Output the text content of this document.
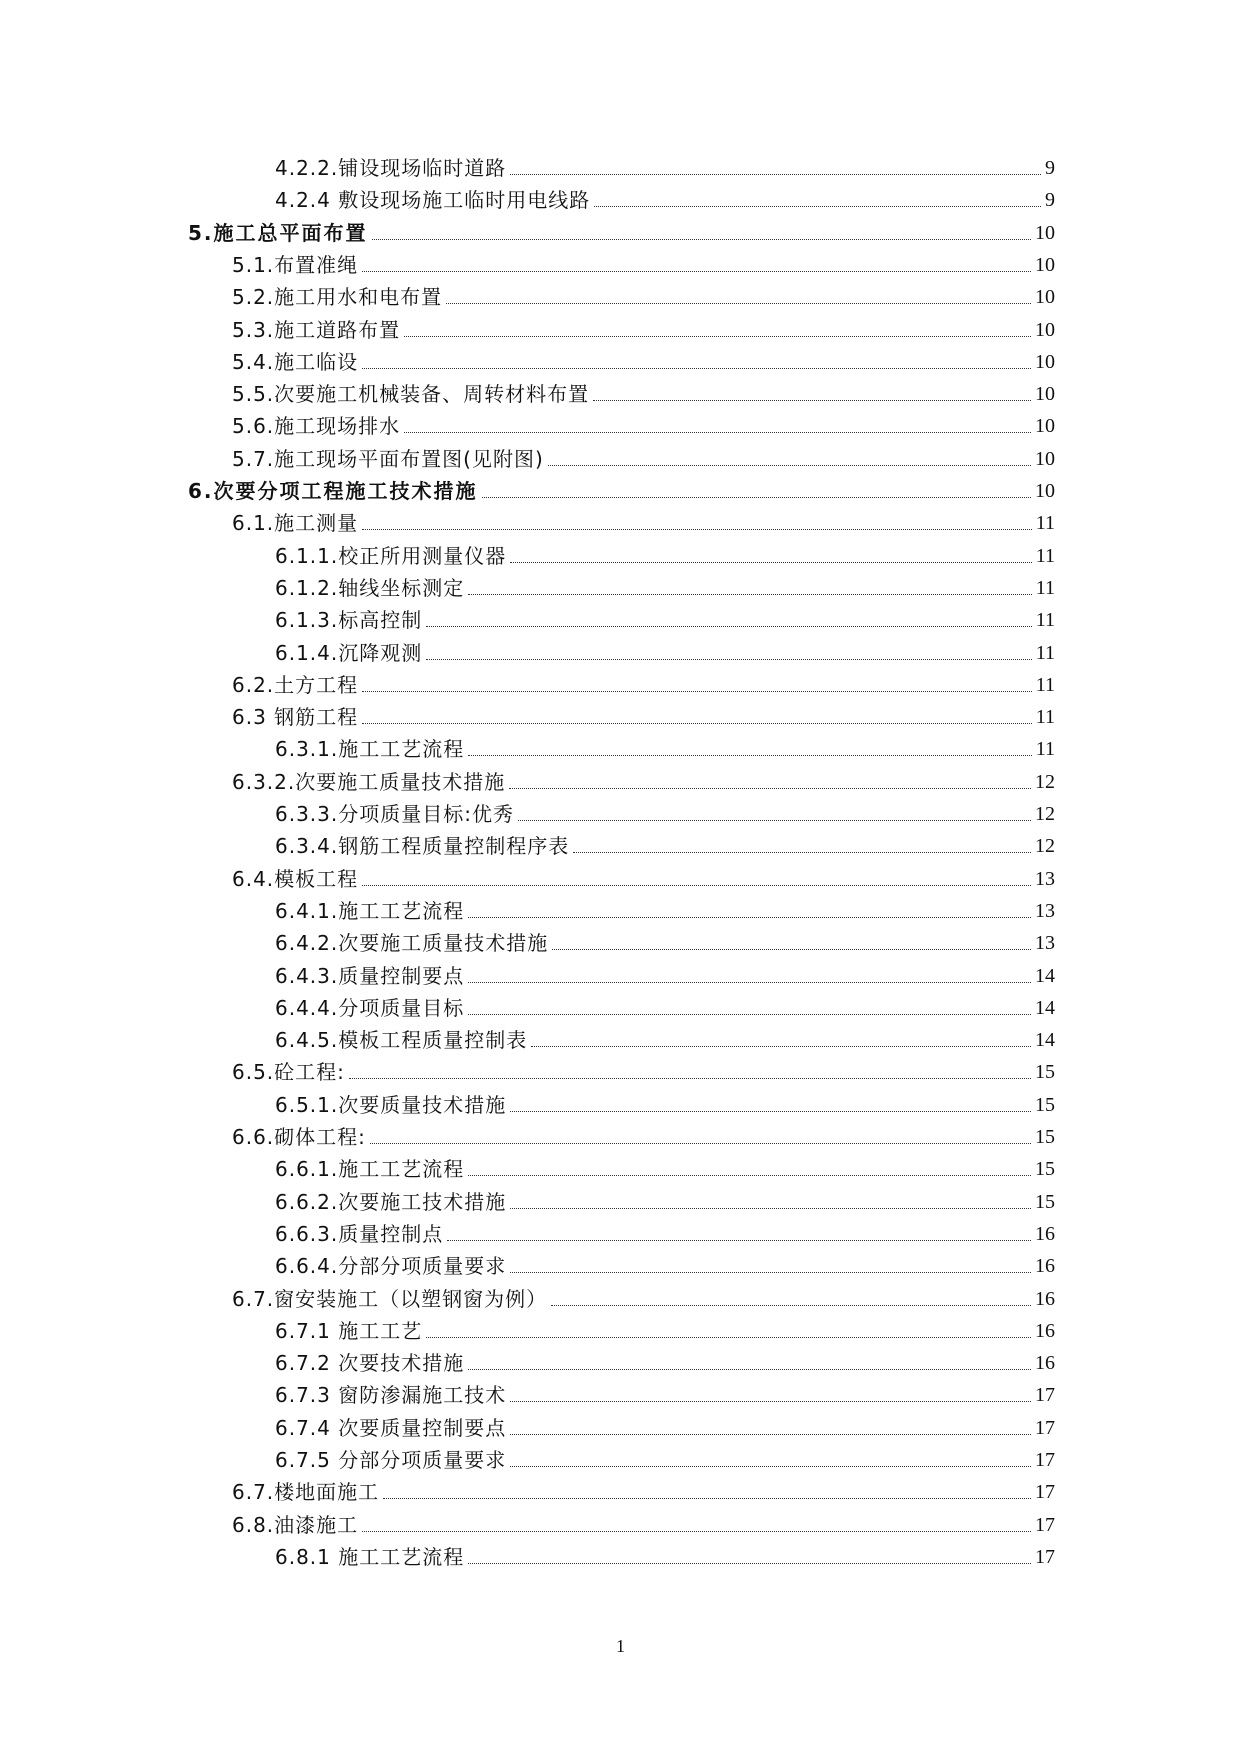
4.2.2.铺设现场临时道路	9
4.2.4 敷设现场施工临时用电线路	9
5.施工总平面布置	10
5.1.布置准绳	10
5.2.施工用水和电布置	10
5.3.施工道路布置	10
5.4.施工临设	10
5.5.次要施工机械装备、周转材料布置	10
5.6.施工现场排水	10
5.7.施工现场平面布置图(见附图)	10
6.次要分项工程施工技术措施	10
6.1.施工测量	11
6.1.1.校正所用测量仪器	11
6.1.2.轴线坐标测定	11
6.1.3.标高控制	11
6.1.4.沉降观测	11
6.2.土方工程	11
6.3 钢筋工程	11
6.3.1.施工工艺流程	11
6.3.2.次要施工质量技术措施	12
6.3.3.分项质量目标:优秀	12
6.3.4.钢筋工程质量控制程序表	12
6.4.模板工程	13
6.4.1.施工工艺流程	13
6.4.2.次要施工质量技术措施	13
6.4.3.质量控制要点	14
6.4.4.分项质量目标	14
6.4.5.模板工程质量控制表	14
6.5.砼工程:	15
6.5.1.次要质量技术措施	15
6.6.砌体工程:	15
6.6.1.施工工艺流程	15
6.6.2.次要施工技术措施	15
6.6.3.质量控制点	16
6.6.4.分部分项质量要求	16
6.7.窗安装施工（以塑钢窗为例）	16
6.7.1 施工工艺	16
6.7.2 次要技术措施	16
6.7.3 窗防渗漏施工技术	17
6.7.4 次要质量控制要点	17
6.7.5 分部分项质量要求	17
6.7.楼地面施工	17
6.8.油漆施工	17
6.8.1 施工工艺流程	17
1
